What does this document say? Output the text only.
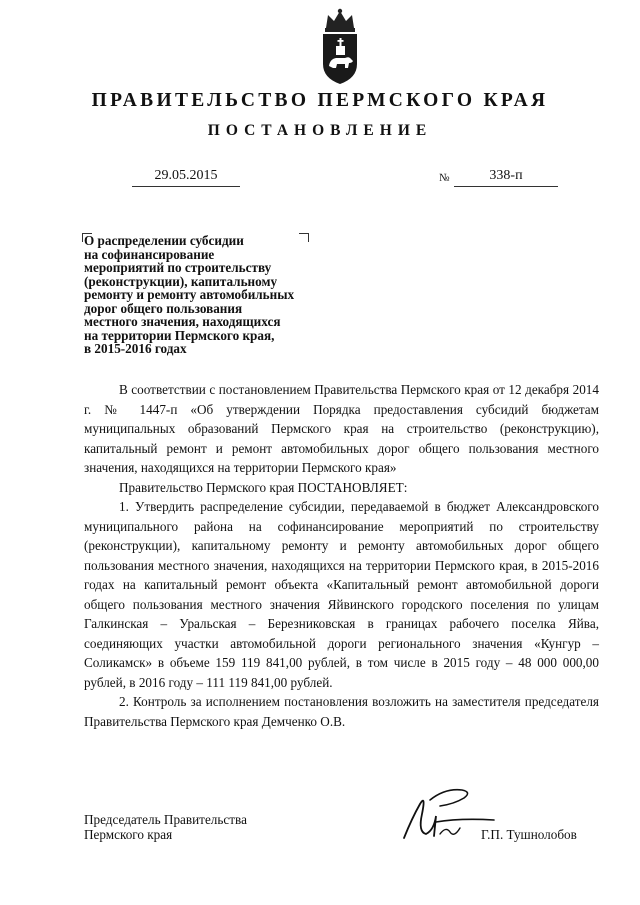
ПРАВИТЕЛЬСТВО ПЕРМСКОГО КРАЯ
ПОСТАНОВЛЕНИЕ
29.05.2015	№	338-п
О распределении субсидии
на софинансирование
мероприятий по строительству
(реконструкции), капитальному
ремонту и ремонту автомобильных
дорог общего пользования
местного значения, находящихся
на территории Пермского края,
в 2015-2016 годах

В соответствии с постановлением Правительства Пермского края от 12 декабря 2014 г. № 1447-п «Об утверждении Порядка предоставления субсидий бюджетам муниципальных образований Пермского края на строительство (реконструкцию), капитальный ремонт и ремонт автомобильных дорог общего пользования местного значения, находящихся на территории Пермского края»

Правительство Пермского края ПОСТАНОВЛЯЕТ:

1. Утвердить распределение субсидии, передаваемой в бюджет Александровского муниципального района на софинансирование мероприятий по строительству (реконструкции), капитальному ремонту и ремонту автомобильных дорог общего пользования местного значения, находящихся на территории Пермского края, в 2015-2016 годах на капитальный ремонт объекта «Капитальный ремонт автомобильной дороги общего пользования местного значения Яйвинского городского поселения по улицам Галкинская – Уральская – Березниковская в границах рабочего поселка Яйва, соединяющих участки автомобильной дороги регионального значения «Кунгур – Соликамск» в объеме 159 119 841,00 рублей, в том числе в 2015 году – 48 000 000,00 рублей, в 2016 году – 111 119 841,00 рублей.

2. Контроль за исполнением постановления возложить на заместителя председателя Правительства Пермского края Демченко О.В.

Председатель Правительства
Пермского края	Г.П. Тушнолобов
